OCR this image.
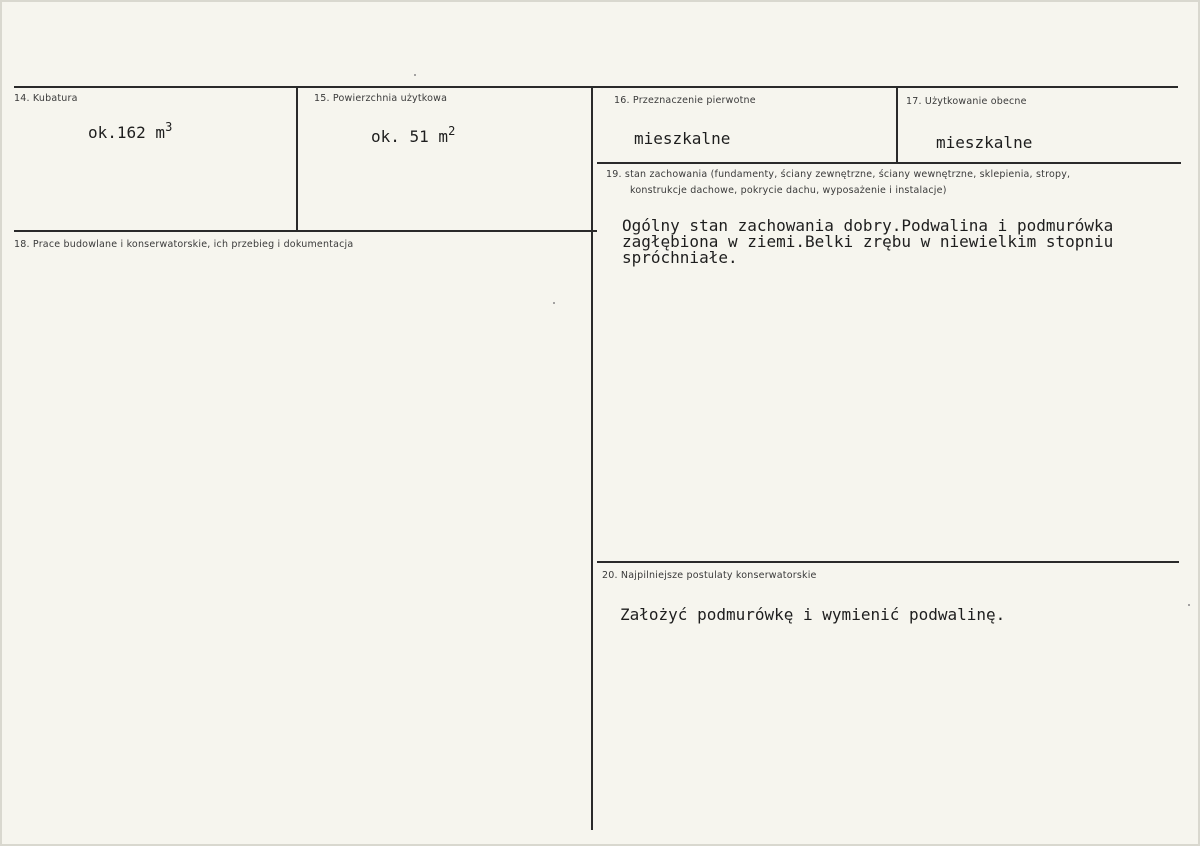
14. Kubatura
ok.162 $m^3$
15. Powierzchnia użytkowa
ok. 51 $m^2$
16. Przeznaczenie pierwotne
mieszkalne
17. Użytkowanie obecne
mieszkalne
18. Prace budowlane i konserwatorskie, ich przebieg i dokumentacja
19. stan zachowania (fundamenty, ściany zewnętrzne, ściany wewnętrzne, sklepienia, stropy,
konstrukcje dachowe, pokrycie dachu, wyposażenie i instalacje)
Ogólny stan zachowania dobry.Podwalina i podmurówka
zagłębiona w ziemi.Belki zrębu w niewielkim stopniu
spróchniałe.
20. Najpilniejsze postulaty konserwatorskie
Założyć podmurówkę i wymienić podwalinę.
